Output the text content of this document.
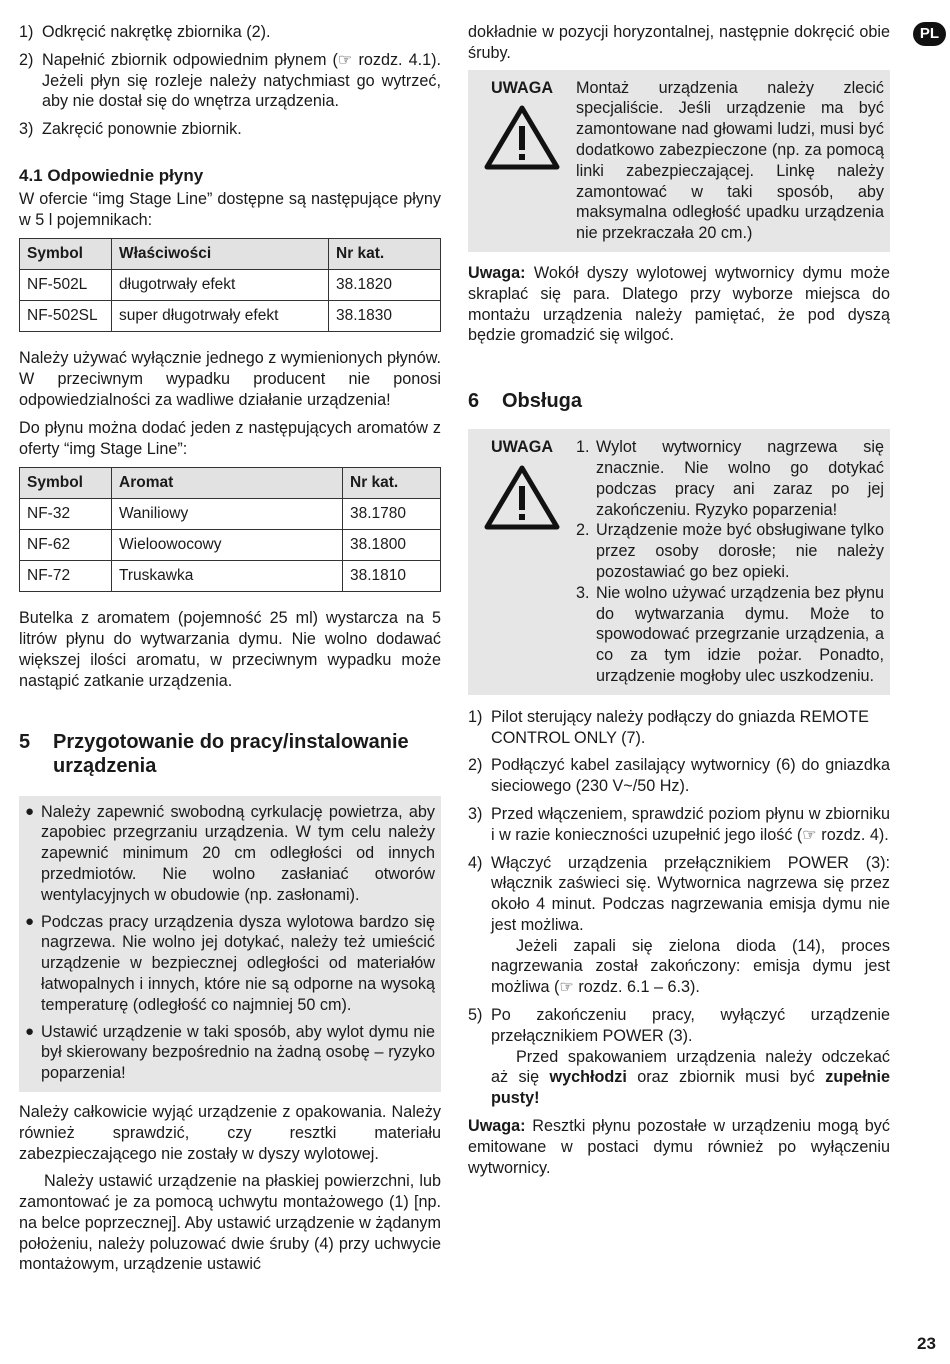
PL
1) Odkręcić nakrętkę zbiornika (2).
2) Napełnić zbiornik odpowiednim płynem (☞ rozdz. 4.1). Jeżeli płyn się rozleje należy natychmiast go wytrzeć, aby nie dostał się do wnętrza urządzenia.
3) Zakręcić ponownie zbiornik.
4.1 Odpowiednie płyny

W ofercie “img Stage Line” dostępne są następujące płyny w 5 l pojemnikach:

Symbol	Właściwości	Nr kat.
NF-502L	długotrwały efekt	38.1820
NF-502SL	super długotrwały efekt	38.1830

Należy używać wyłącznie jednego z wymienionych płynów. W przeciwnym wypadku producent nie ponosi odpowiedzialności za wadliwe działanie urządzenia!

Do płynu można dodać jeden z następujących aromatów z oferty “img Stage Line”:

Symbol	Aromat	Nr kat.
NF-32	Waniliowy	38.1780
NF-62	Wieloowocowy	38.1800
NF-72	Truskawka	38.1810

Butelka z aromatem (pojemność 25 ml) wystarcza na 5 litrów płynu do wytwarzania dymu. Nie wolno dodawać większej ilości aromatu, w przeciwnym wypadku może nastąpić zatkanie urządzenia.

5	Przygotowanie do pracy/instalowanie urządzenia
● Należy zapewnić swobodną cyrkulację powietrza, aby zapobiec przegrzaniu urządzenia. W tym celu należy zapewnić minimum 20 cm odległości od innych przedmiotów. Nie wolno zasłaniać otworów wentylacyjnych w obudowie (np. zasłonami).
● Podczas pracy urządzenia dysza wylotowa bardzo się nagrzewa. Nie wolno jej dotykać, należy też umieścić urządzenie w bezpiecznej odległości od materiałów łatwopalnych i innych, które nie są odporne na wysoką temperaturę (odległość co najmniej 50 cm).
● Ustawić urządzenie w taki sposób, aby wylot dymu nie był skierowany bezpośrednio na żadną osobę – ryzyko poparzenia!

Należy całkowicie wyjąć urządzenie z opakowania. Należy również sprawdzić, czy resztki materiału zabezpieczającego nie zostały w dyszy wylotowej.

Należy ustawić urządzenie na płaskiej powierzchni, lub zamontować je za pomocą uchwytu montażowego (1) [np. na belce poprzecznej]. Aby ustawić urządzenie w żądanym położeniu, należy poluzować dwie śruby (4) przy uchwycie montażowym, urządzenie ustawić

dokładnie w pozycji horyzontalnej, następnie dokręcić obie śruby.

UWAGA	Montaż urządzenia należy zlecić specjaliście. Jeśli urządzenie ma być zamontowane nad głowami ludzi, musi być dodatkowo zabezpieczone (np. za pomocą linki zabezpieczającej. Linkę należy zamontować w taki sposób, aby maksymalna odległość upadku urządzenia nie przekraczała 20 cm.)

Uwaga: Wokół dyszy wylotowej wytwornicy dymu może skraplać się para. Dlatego przy wyborze miejsca do montażu urządzenia należy pamiętać, że pod dyszą będzie gromadzić się wilgoć.

6	Obsługa
UWAGA	1. Wylot wytwornicy nagrzewa się znacznie. Nie wolno go dotykać podczas pracy ani zaraz po jej zakończeniu. Ryzyko poparzenia!
2. Urządzenie może być obsługiwane tylko przez osoby dorosłe; nie należy pozostawiać go bez opieki.
3. Nie wolno używać urządzenia bez płynu do wytwarzania dymu. Może to spowodować przegrzanie urządzenia, a co za tym idzie pożar. Ponadto, urządzenie mogłoby ulec uszkodzeniu.
1) Pilot sterujący należy podłączy do gniazda REMOTE CONTROL ONLY (7).
2) Podłączyć kabel zasilający wytwornicy (6) do gniazdka sieciowego (230 V~/50 Hz).
3) Przed włączeniem, sprawdzić poziom płynu w zbiorniku i w razie konieczności uzupełnić jego ilość (☞ rozdz. 4).
4) Włączyć urządzenia przełącznikiem POWER (3): włącznik zaświeci się. Wytwornica nagrzewa się przez około 4 minut. Podczas nagrzewania emisja dymu nie jest możliwa.
Jeżeli zapali się zielona dioda (14), proces nagrzewania został zakończony: emisja dymu jest możliwa (☞ rozdz. 6.1 – 6.3).
5) Po zakończeniu pracy, wyłączyć urządzenie przełącznikiem POWER (3).
Przed spakowaniem urządzenia należy odczekać aż się wychłodzi oraz zbiornik musi być zupełnie pusty!

Uwaga: Resztki płynu pozostałe w urządzeniu mogą być emitowane w postaci dymu również po wyłączeniu wytwornicy.

23
